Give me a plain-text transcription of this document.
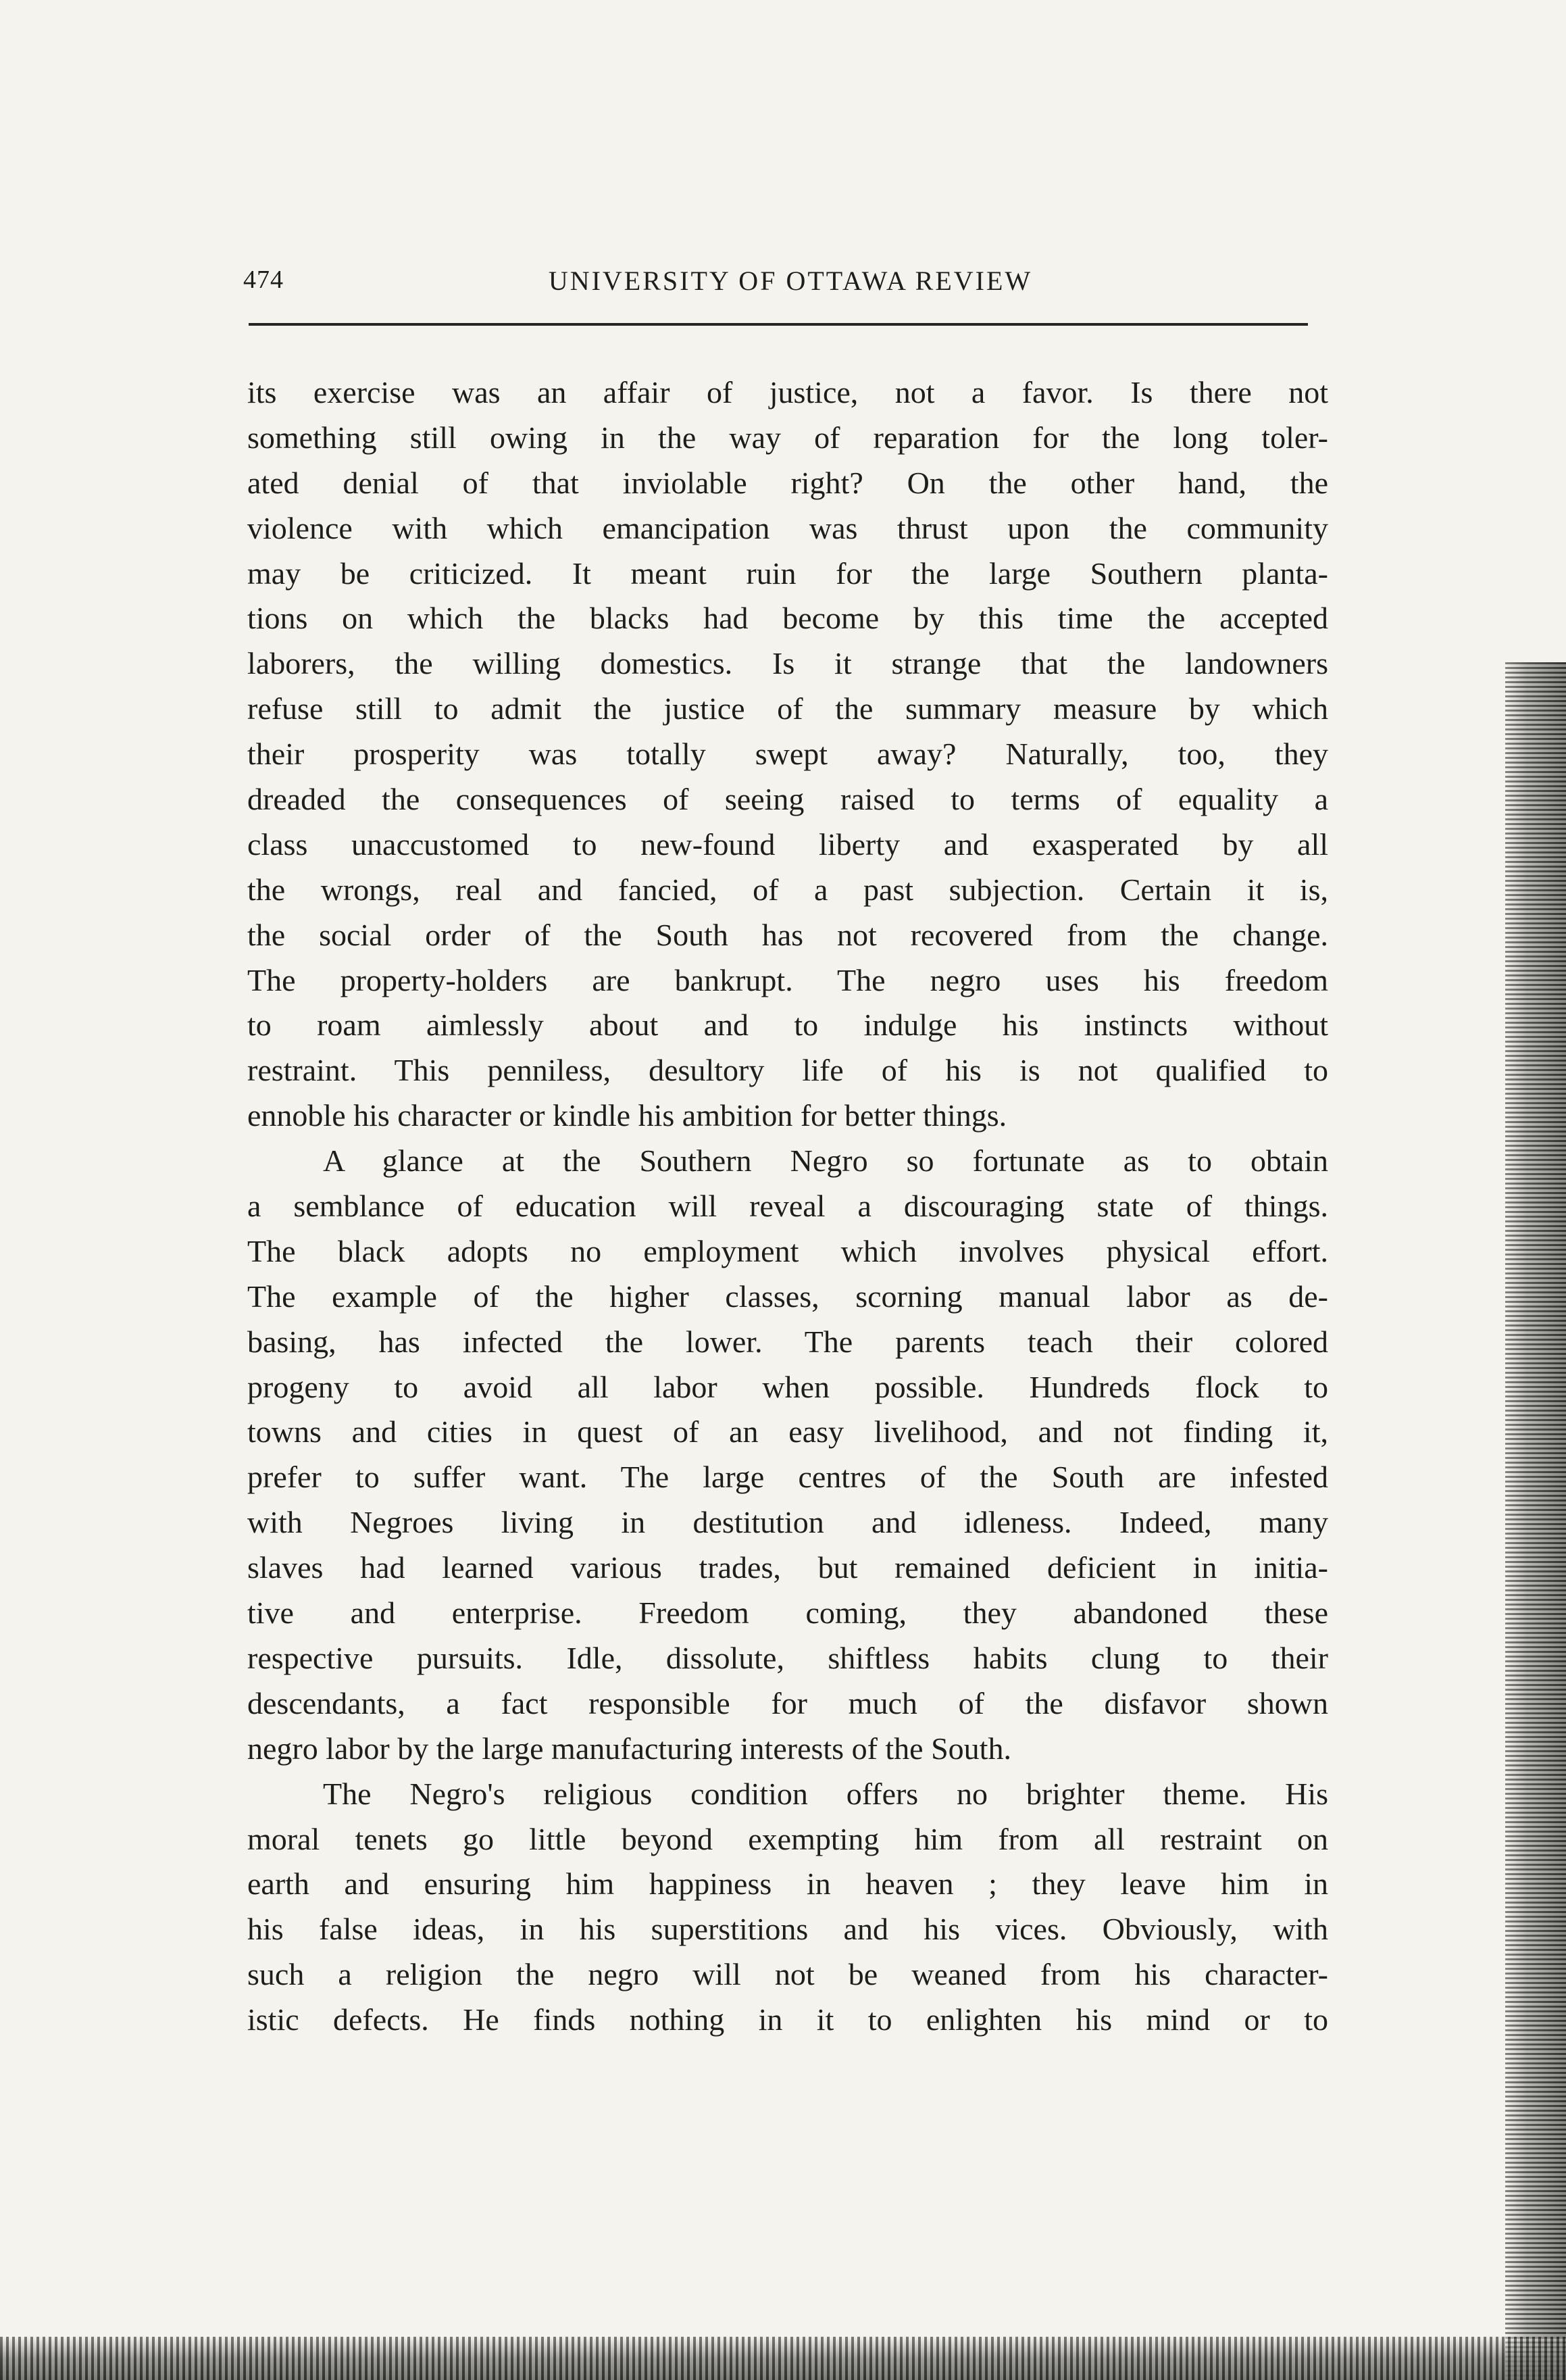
474	UNIVERSITY OF OTTAWA REVIEW
its exercise was an affair of justice, not a favor. Is there not
something still owing in the way of reparation for the long toler-
ated denial of that inviolable right? On the other hand, the
violence with which emancipation was thrust upon the community
may be criticized. It meant ruin for the large Southern planta-
tions on which the blacks had become by this time the accepted
laborers, the willing domestics. Is it strange that the landowners
refuse still to admit the justice of the summary measure by which
their prosperity was totally swept away? Naturally, too, they
dreaded the consequences of seeing raised to terms of equality a
class unaccustomed to new-found liberty and exasperated by all
the wrongs, real and fancied, of a past subjection. Certain it is,
the social order of the South has not recovered from the change.
The property-holders are bankrupt. The negro uses his freedom
to roam aimlessly about and to indulge his instincts without
restraint. This penniless, desultory life of his is not qualified to
ennoble his character or kindle his ambition for better things.
A glance at the Southern Negro so fortunate as to obtain
a semblance of education will reveal a discouraging state of things.
The black adopts no employment which involves physical effort.
The example of the higher classes, scorning manual labor as de-
basing, has infected the lower. The parents teach their colored
progeny to avoid all labor when possible. Hundreds flock to
towns and cities in quest of an easy livelihood, and not finding it,
prefer to suffer want. The large centres of the South are infested
with Negroes living in destitution and idleness. Indeed, many
slaves had learned various trades, but remained deficient in initia-
tive and enterprise. Freedom coming, they abandoned these
respective pursuits. Idle, dissolute, shiftless habits clung to their
descendants, a fact responsible for much of the disfavor shown
negro labor by the large manufacturing interests of the South.
The Negro's religious condition offers no brighter theme. His
moral tenets go little beyond exempting him from all restraint on
earth and ensuring him happiness in heaven ; they leave him in
his false ideas, in his superstitions and his vices. Obviously, with
such a religion the negro will not be weaned from his character-
istic defects. He finds nothing in it to enlighten his mind or to
